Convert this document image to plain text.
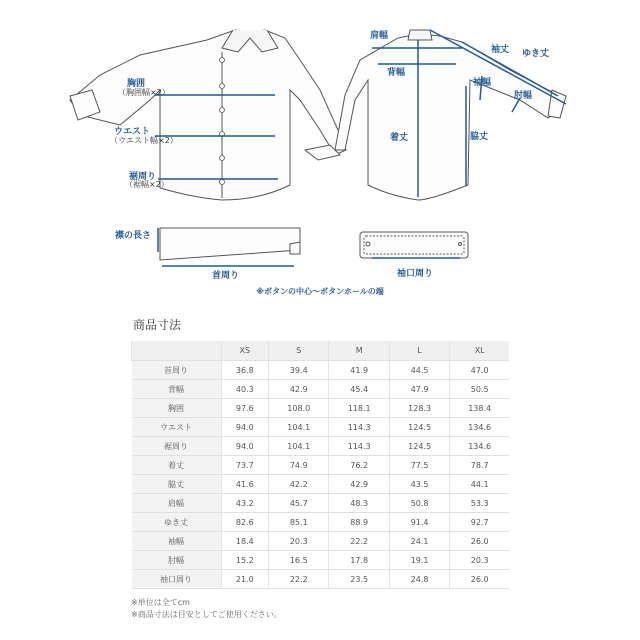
胸囲
（胸囲幅×2）
ウエスト
（ウエスト幅×2）
裾周り
（裾幅×2）
肩幅
背幅
袖丈 ゆき丈
袖幅
肘幅
着丈	脇丈
襟の長さ
首周り	袖口周り
※ボタンの中心～ボタンホールの端
商品寸法
	XS	S	M	L	XL
首周り	36.8	39.4	41.9	44.5	47.0
背幅	40.3	42.9	45.4	47.9	50.5
胸囲	97.6	108.0	118.1	128.3	138.4
ウエスト	94.0	104.1	114.3	124.5	134.6
裾周り	94.0	104.1	114.3	124.5	134.6
着丈	73.7	74.9	76.2	77.5	78.7
脇丈	41.6	42.2	42.9	43.5	44.1
肩幅	43.2	45.7	48.3	50.8	53.3
ゆき丈	82.6	85.1	88.9	91.4	92.7
袖幅	18.4	20.3	22.2	24.1	26.0
肘幅	15.2	16.5	17.8	19.1	20.3
袖口周り	21.0	22.2	23.5	24.8	26.0
※単位は全てcm
※商品寸法は目安としてご使用ください。
